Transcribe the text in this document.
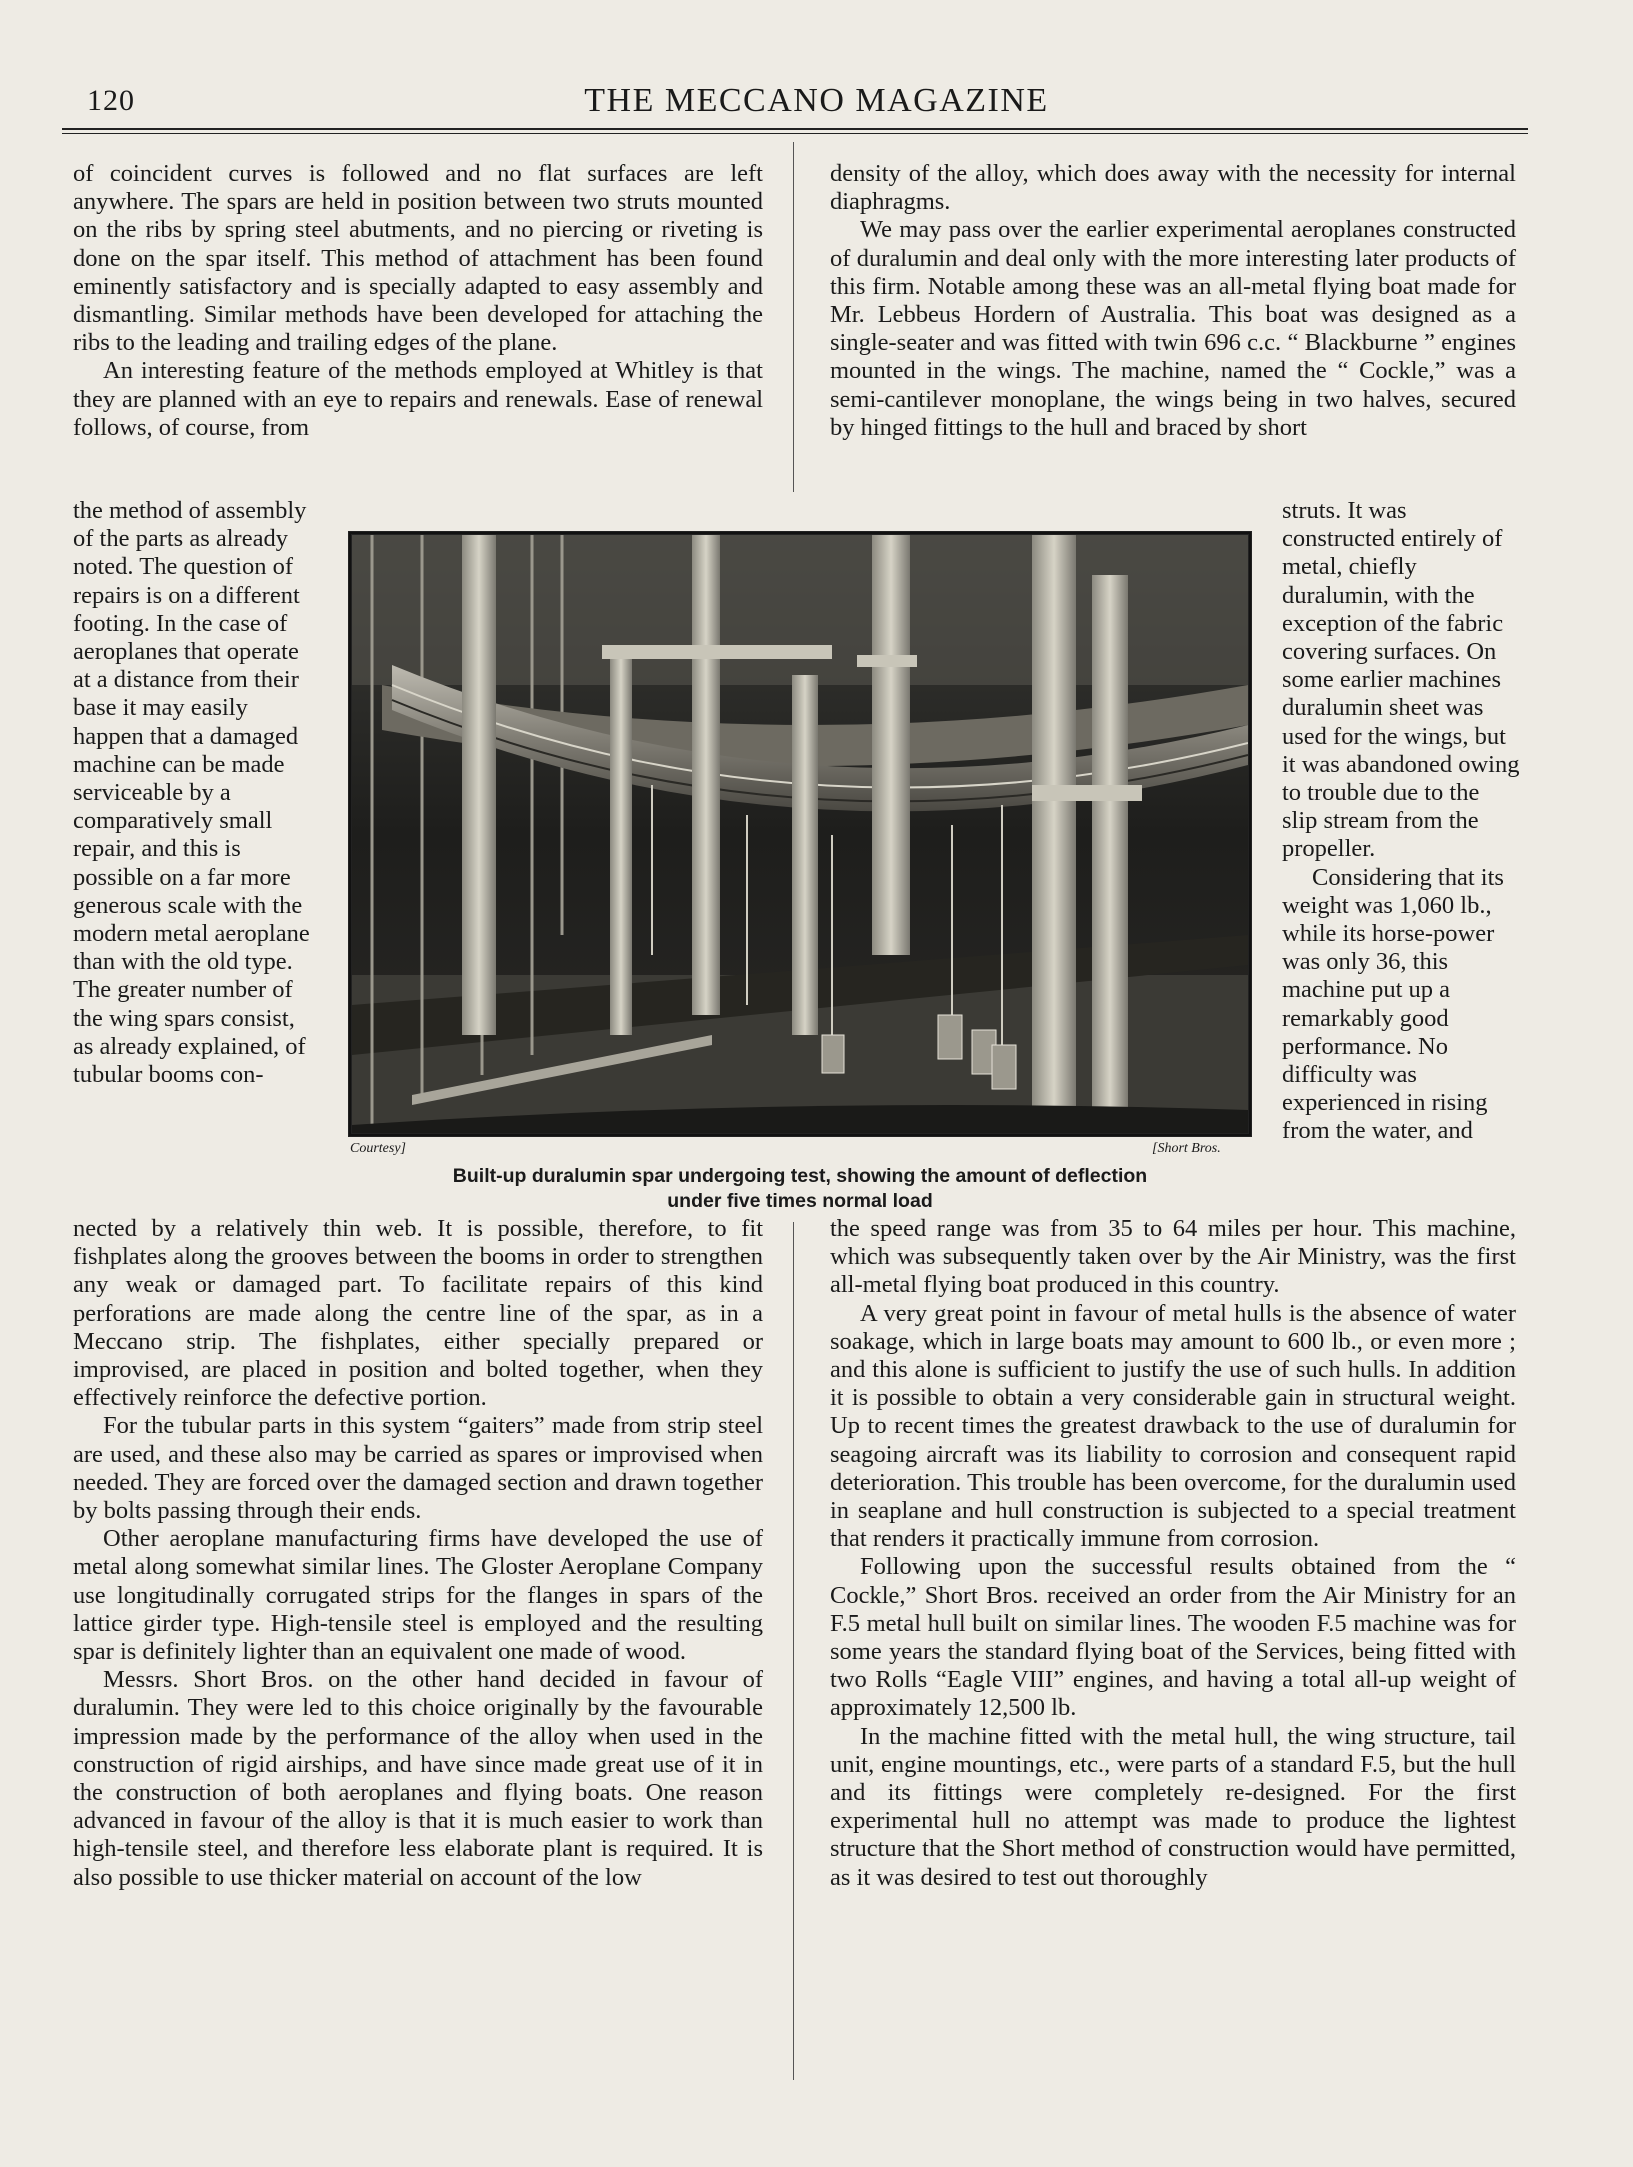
120	THE MECCANO MAGAZINE

of coincident curves is followed and no flat surfaces are left anywhere. The spars are held in position between two struts mounted on the ribs by spring steel abutments, and no piercing or riveting is done on the spar itself. This method of attachment has been found eminently satisfactory and is specially adapted to easy assembly and dismantling. Similar methods have been developed for attaching the ribs to the leading and trailing edges of the plane.

An interesting feature of the methods employed at Whitley is that they are planned with an eye to repairs and renewals. Ease of renewal follows, of course, from

the method of assembly of the parts as already noted. The question of repairs is on a different footing. In the case of aeroplanes that operate at a distance from their base it may easily happen that a damaged machine can be made serviceable by a comparatively small repair, and this is possible on a far more generous scale with the modern metal aeroplane than with the old type. The greater number of the wing spars consist, as already explained, of tubular booms con-

density of the alloy, which does away with the necessity for internal diaphragms.

We may pass over the earlier experimental aeroplanes constructed of duralumin and deal only with the more interesting later products of this firm. Notable among these was an all-metal flying boat made for Mr. Lebbeus Hordern of Australia. This boat was designed as a single-seater and was fitted with twin 696 c.c. “ Blackburne ” engines mounted in the wings. The machine, named the “ Cockle,” was a semi-cantilever monoplane, the wings being in two halves, secured by hinged fittings to the hull and braced by short

struts. It was constructed entirely of metal, chiefly duralumin, with the exception of the fabric covering surfaces. On some earlier machines duralumin sheet was used for the wings, but it was abandoned owing to trouble due to the slip stream from the propeller.

Considering that its weight was 1,060 lb., while its horse-power was only 36, this machine put up a remarkably good performance. No difficulty was experienced in rising from the water, and

Courtesy]	[Short Bros.
Built-up duralumin spar undergoing test, showing the amount of deflection
under five times normal load

nected by a relatively thin web. It is possible, therefore, to fit fishplates along the grooves between the booms in order to strengthen any weak or damaged part. To facilitate repairs of this kind perforations are made along the centre line of the spar, as in a Meccano strip. The fishplates, either specially prepared or improvised, are placed in position and bolted together, when they effectively reinforce the defective portion.

For the tubular parts in this system “gaiters” made from strip steel are used, and these also may be carried as spares or improvised when needed. They are forced over the damaged section and drawn together by bolts passing through their ends.

Other aeroplane manufacturing firms have developed the use of metal along somewhat similar lines. The Gloster Aeroplane Company use longitudinally corrugated strips for the flanges in spars of the lattice girder type. High-tensile steel is employed and the resulting spar is definitely lighter than an equivalent one made of wood.

Messrs. Short Bros. on the other hand decided in favour of duralumin. They were led to this choice originally by the favourable impression made by the performance of the alloy when used in the construction of rigid airships, and have since made great use of it in the construction of both aeroplanes and flying boats. One reason advanced in favour of the alloy is that it is much easier to work than high-tensile steel, and therefore less elaborate plant is required. It is also possible to use thicker material on account of the low

the speed range was from 35 to 64 miles per hour. This machine, which was subsequently taken over by the Air Ministry, was the first all-metal flying boat produced in this country.

A very great point in favour of metal hulls is the absence of water soakage, which in large boats may amount to 600 lb., or even more ; and this alone is sufficient to justify the use of such hulls. In addition it is possible to obtain a very considerable gain in structural weight. Up to recent times the greatest drawback to the use of duralumin for seagoing aircraft was its liability to corrosion and consequent rapid deterioration. This trouble has been overcome, for the duralumin used in seaplane and hull construction is subjected to a special treatment that renders it practically immune from corrosion.

Following upon the successful results obtained from the “ Cockle,” Short Bros. received an order from the Air Ministry for an F.5 metal hull built on similar lines. The wooden F.5 machine was for some years the standard flying boat of the Services, being fitted with two Rolls “Eagle VIII” engines, and having a total all-up weight of approximately 12,500 lb.

In the machine fitted with the metal hull, the wing structure, tail unit, engine mountings, etc., were parts of a standard F.5, but the hull and its fittings were completely re-designed. For the first experimental hull no attempt was made to produce the lightest structure that the Short method of construction would have permitted, as it was desired to test out thoroughly
